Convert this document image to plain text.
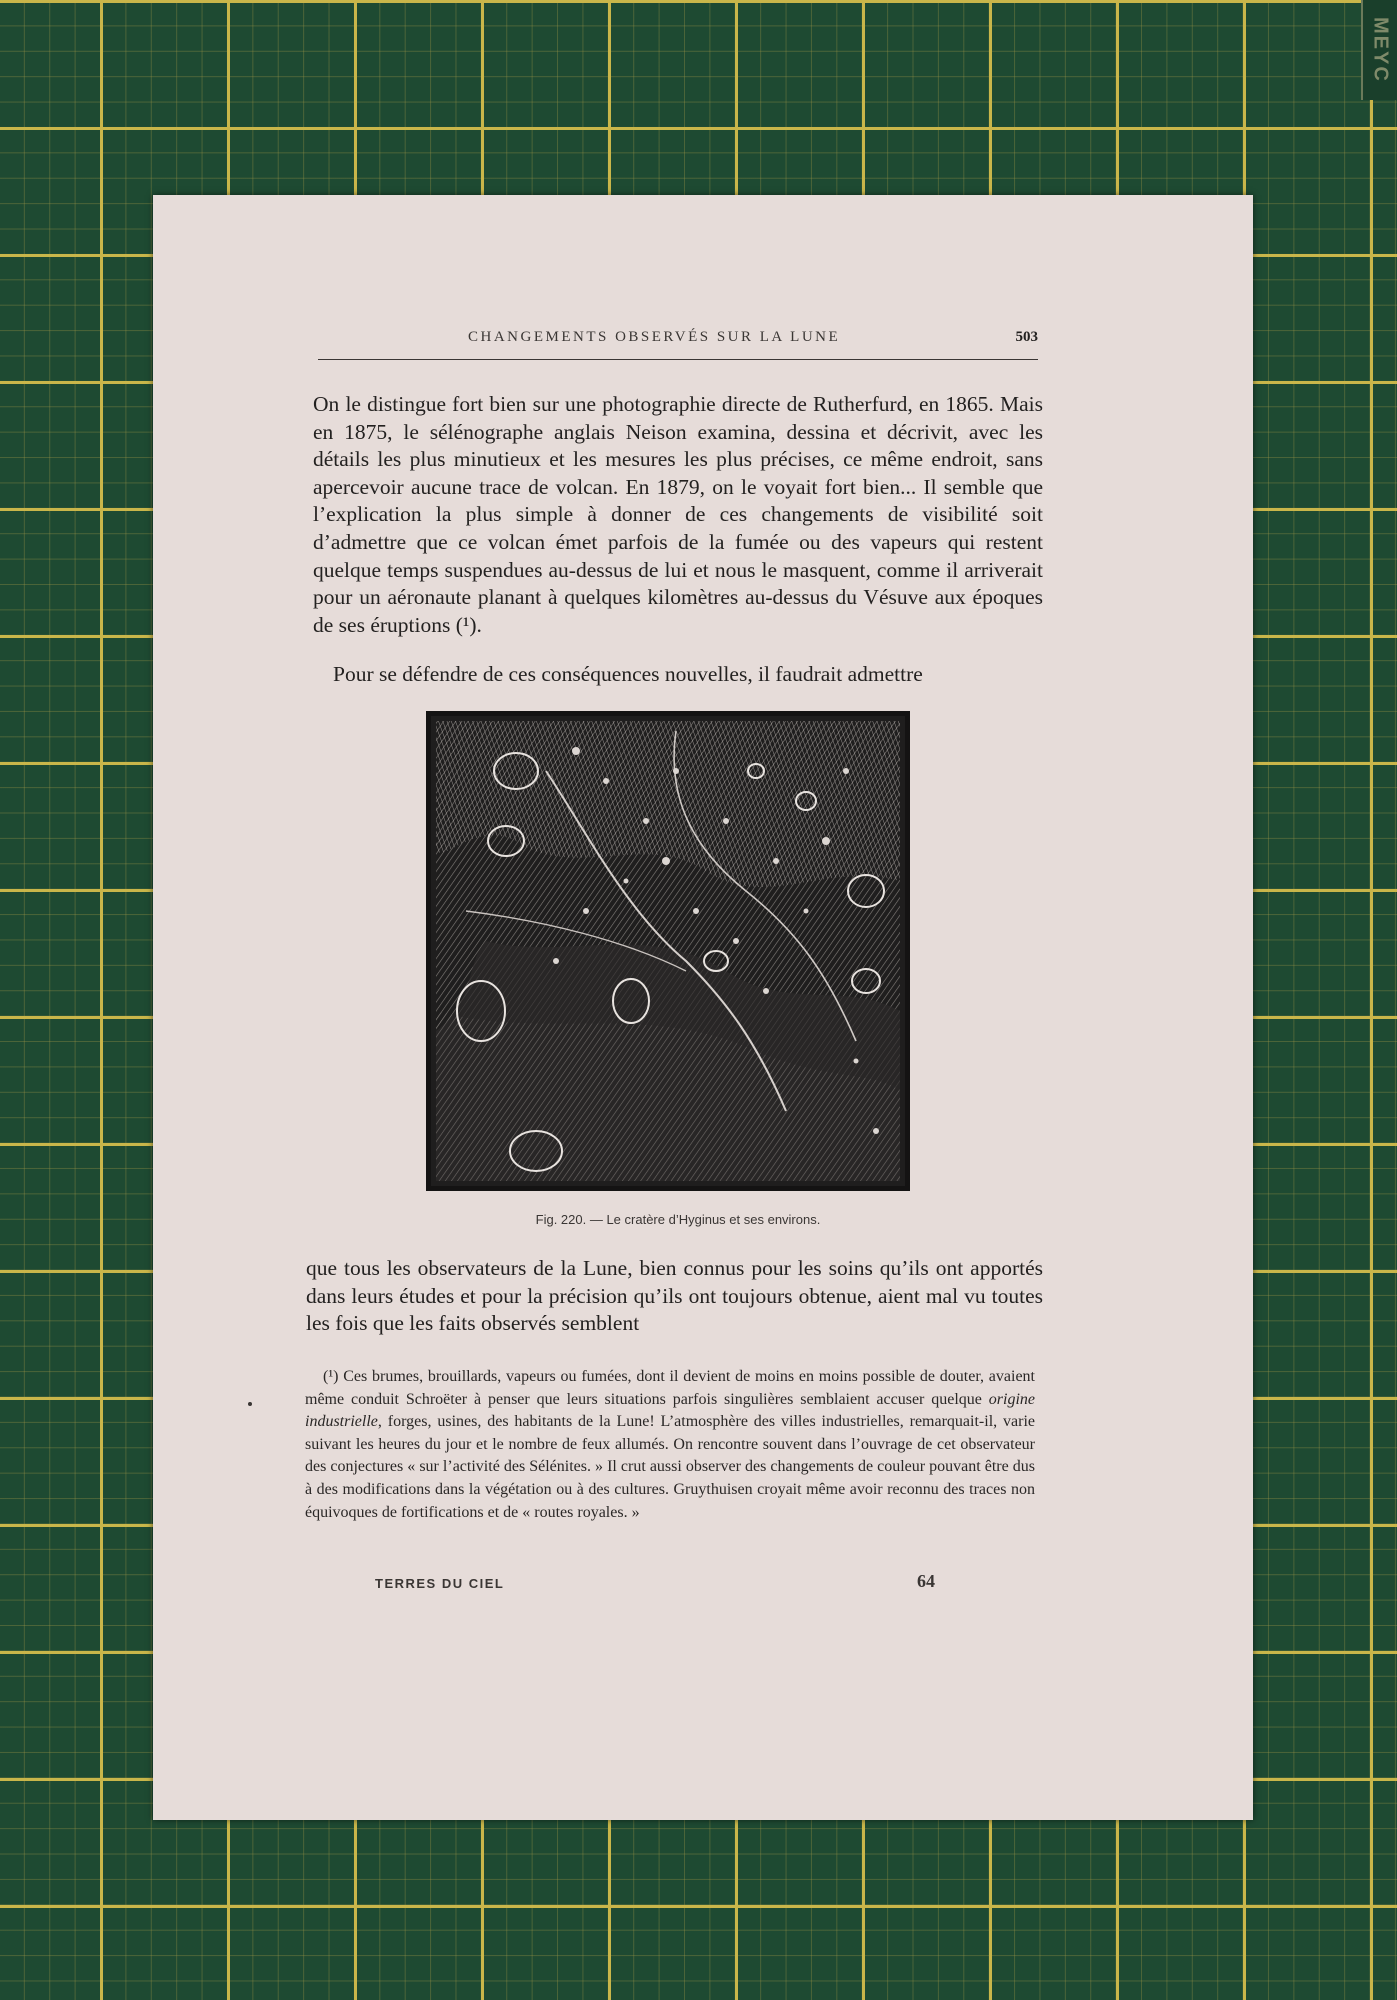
MEYC
CHANGEMENTS OBSERVÉS SUR LA LUNE	503

On le distingue fort bien sur une photographie directe de Rutherfurd, en 1865. Mais en 1875, le sélénographe anglais Neison examina, dessina et décrivit, avec les détails les plus minutieux et les mesures les plus précises, ce même endroit, sans apercevoir aucune trace de volcan. En 1879, on le voyait fort bien... Il semble que l’explication la plus simple à donner de ces changements de visibilité soit d’admettre que ce volcan émet parfois de la fumée ou des vapeurs qui restent quelque temps suspendues au-dessus de lui et nous le masquent, comme il arriverait pour un aéronaute planant à quelques kilomètres au-dessus du Vésuve aux époques de ses éruptions (¹).

Pour se défendre de ces conséquences nouvelles, il faudrait admettre

Fig. 220. — Le cratère d’Hyginus et ses environs.

que tous les observateurs de la Lune, bien connus pour les soins qu’ils ont apportés dans leurs études et pour la précision qu’ils ont toujours obtenue, aient mal vu toutes les fois que les faits observés semblent

(¹) Ces brumes, brouillards, vapeurs ou fumées, dont il devient de moins en moins possible de douter, avaient même conduit Schroëter à penser que leurs situations parfois singulières semblaient accuser quelque origine industrielle, forges, usines, des habitants de la Lune! L’atmosphère des villes industrielles, remarquait-il, varie suivant les heures du jour et le nombre de feux allumés. On rencontre souvent dans l’ouvrage de cet observateur des conjectures « sur l’activité des Sélénites. » Il crut aussi observer des changements de couleur pouvant être dus à des modifications dans la végétation ou à des cultures. Gruythuisen croyait même avoir reconnu des traces non équivoques de fortifications et de « routes royales. »

TERRES DU CIEL	64
